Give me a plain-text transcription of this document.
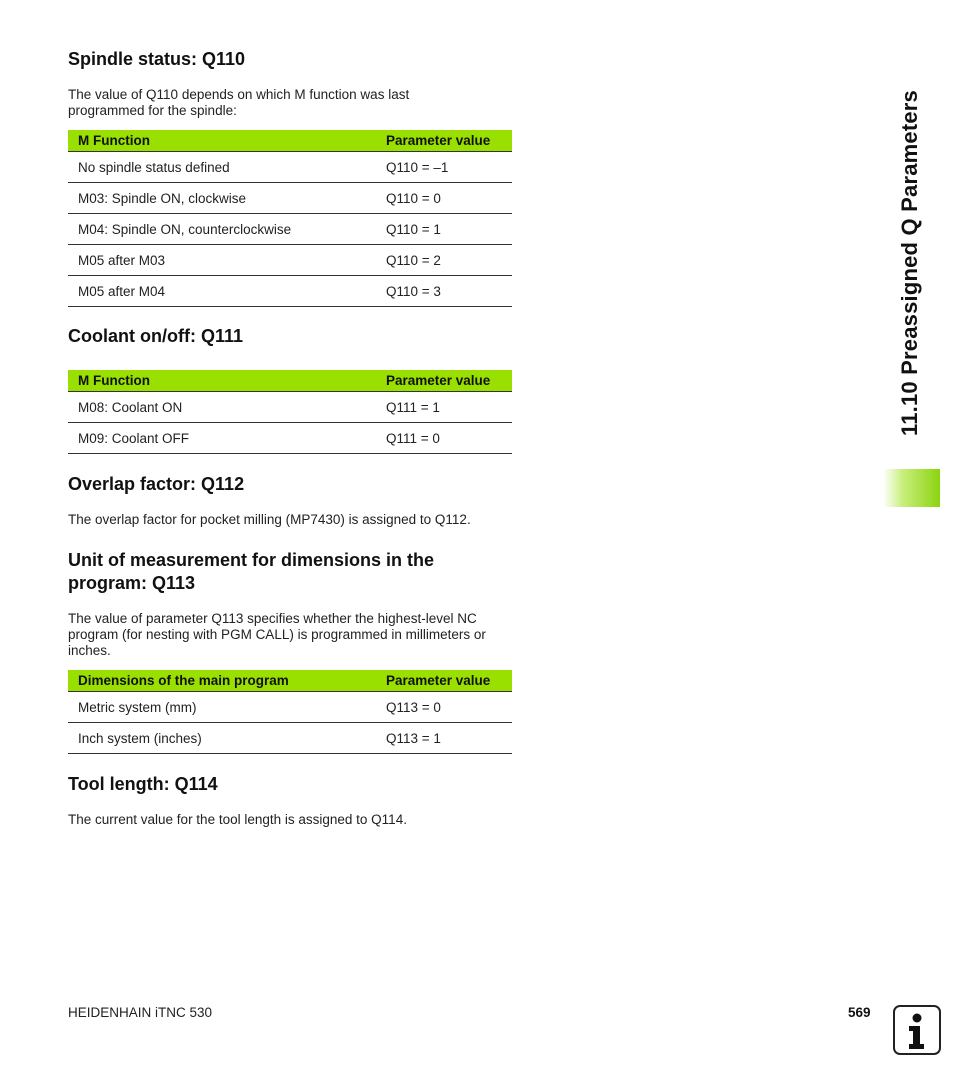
Spindle status: Q110

The value of Q110 depends on which M function was last
programmed for the spindle:

M Function	Parameter value
No spindle status defined	Q110 = –1
M03: Spindle ON, clockwise	Q110 = 0
M04: Spindle ON, counterclockwise	Q110 = 1
M05 after M03	Q110 = 2
M05 after M04	Q110 = 3
Coolant on/off: Q111
M Function	Parameter value
M08: Coolant ON	Q111 = 1
M09: Coolant OFF	Q111 = 0
Overlap factor: Q112

The overlap factor for pocket milling (MP7430) is assigned to Q112.

Unit of measurement for dimensions in the
program: Q113

The value of parameter Q113 specifies whether the highest-level NC
program (for nesting with PGM CALL) is programmed in millimeters or
inches.

Dimensions of the main program	Parameter value
Metric system (mm)	Q113 = 0
Inch system (inches)	Q113 = 1
Tool length: Q114

The current value for the tool length is assigned to Q114.

11.10 Preassigned Q Parameters
HEIDENHAIN iTNC 530	569
